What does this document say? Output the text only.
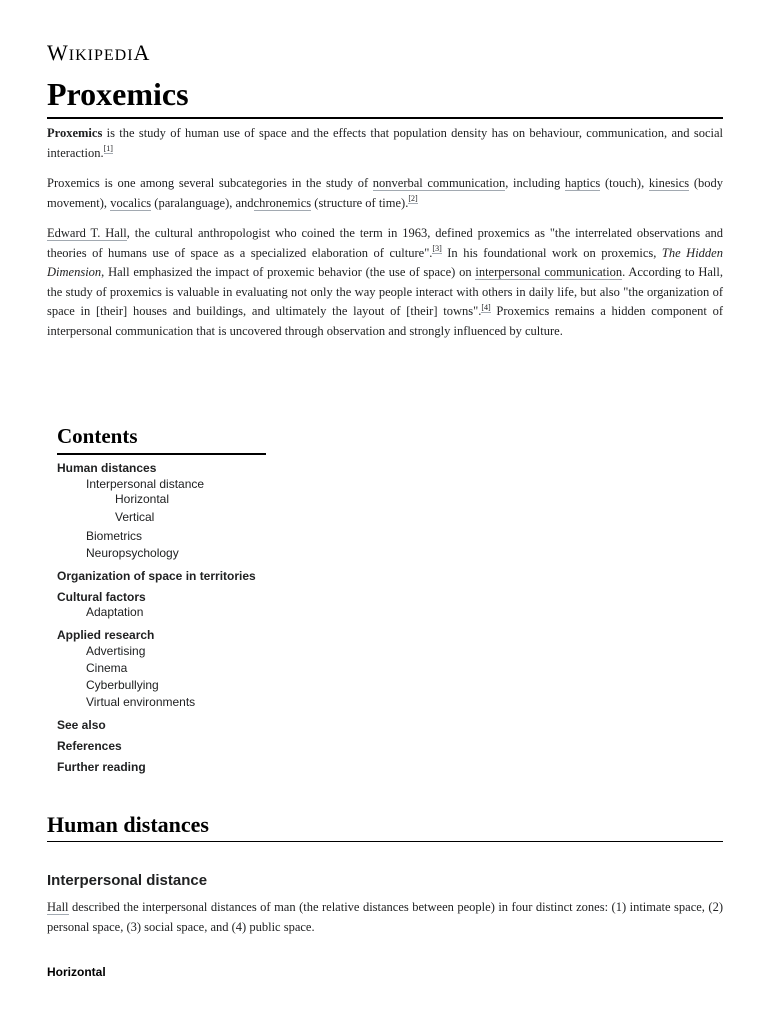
WIKIPEDIA
Proxemics

Proxemics is the study of human use of space and the effects that population density has on behaviour, communication, and social interaction.[1]

Proxemics is one among several subcategories in the study of nonverbal communication, including haptics (touch), kinesics (body movement), vocalics (paralanguage), andchronemics (structure of time).[2]

Edward T. Hall, the cultural anthropologist who coined the term in 1963, defined proxemics as "the interrelated observations and theories of humans use of space as a specialized elaboration of culture".[3] In his foundational work on proxemics, The Hidden Dimension, Hall emphasized the impact of proxemic behavior (the use of space) on interpersonal communication. According to Hall, the study of proxemics is valuable in evaluating not only the way people interact with others in daily life, but also "the organization of space in [their] houses and buildings, and ultimately the layout of [their] towns".[4] Proxemics remains a hidden component of interpersonal communication that is uncovered through observation and strongly influenced by culture.

Contents
Human distances
Interpersonal distance
Horizontal
Vertical
Biometrics
Neuropsychology
Organization of space in territories
Cultural factors
Adaptation
Applied research
Advertising
Cinema
Cyberbullying
Virtual environments
See also
References
Further reading
Human distances
Interpersonal distance

Hall described the interpersonal distances of man (the relative distances between people) in four distinct zones: (1) intimate space, (2) personal space, (3) social space, and (4) public space.

Horizontal
